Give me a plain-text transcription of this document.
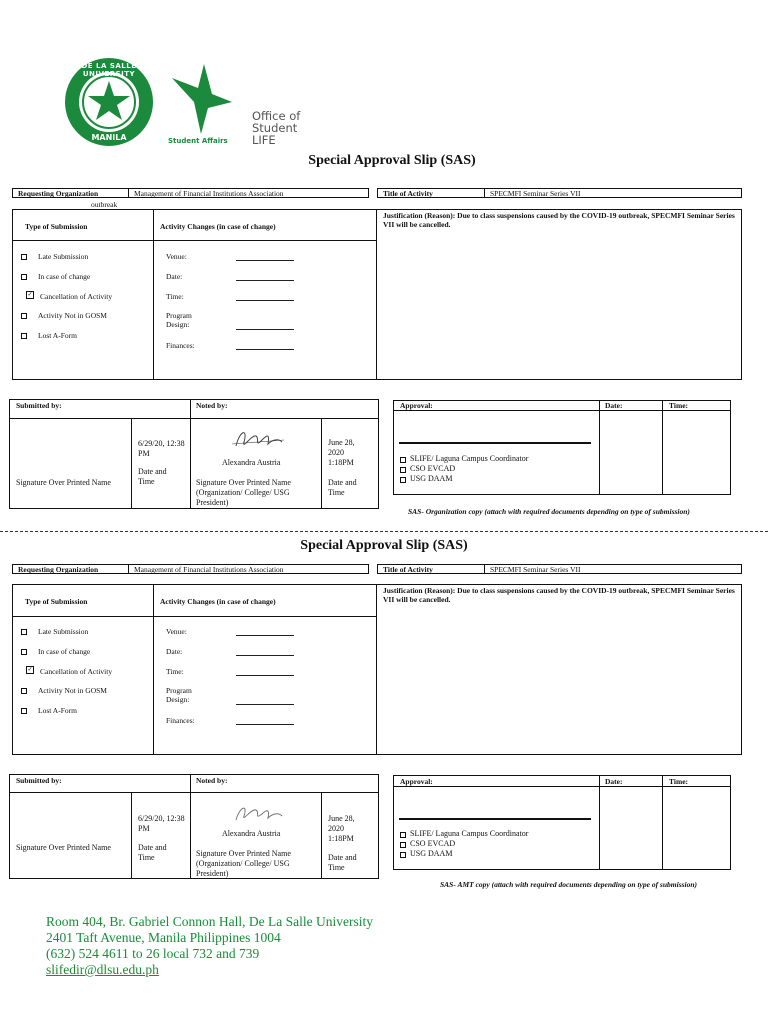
DE LA SALLE UNIVERSITY
MANILA	Student Affairs
Office of
Student
LIFE
Special Approval Slip (SAS)
Requesting Organization	Management of Financial Institutions Association
outbreak
Title of Activity	SPECMFI Seminar Series VII
Type of Submission	Activity Changes (in case of change)
Justification (Reason): Due to class suspensions caused by the COVID-19 outbreak, SPECMFI Seminar Series VII will be cancelled.
Late Submission
In case of change
✓ Cancellation of Activity
Activity Not in GOSM
Lost A-Form
Venue:
Date:
Time:
Program Design:
Finances:
Submitted by:	Noted by:
6/29/20, 12:38 PM
Date and Time
Signature Over Printed Name
Alexandra Austria
Signature Over Printed Name (Organization/ College/ USG President)
June 28, 2020 1:18PM
Date and Time
Approval:	Date:	Time:
SLIFE/ Laguna Campus Coordinator
CSO EVCAD
USG DAAM
SAS- Organization copy (attach with required documents depending on type of submission)
Special Approval Slip (SAS)
Requesting Organization	Management of Financial Institutions Association	Title of Activity	SPECMFI Seminar Series VII
Type of Submission	Activity Changes (in case of change)
Justification (Reason): Due to class suspensions caused by the COVID-19 outbreak, SPECMFI Seminar Series VII will be cancelled.
Late Submission
In case of change
✓ Cancellation of Activity
Activity Not in GOSM
Lost A-Form
Venue:
Date:
Time:
Program Design:
Finances:
Submitted by:	Noted by:
6/29/20, 12:38 PM
Date and Time
Signature Over Printed Name
Alexandra Austria
Signature Over Printed Name (Organization/ College/ USG President)
June 28, 2020 1:18PM
Date and Time
Approval:	Date:	Time:
SLIFE/ Laguna Campus Coordinator
CSO EVCAD
USG DAAM
SAS- AMT copy (attach with required documents depending on type of submission)
Room 404, Br. Gabriel Connon Hall, De La Salle University
2401 Taft Avenue, Manila Philippines 1004
(632) 524 4611 to 26 local 732 and 739
slifedir@dlsu.edu.ph
